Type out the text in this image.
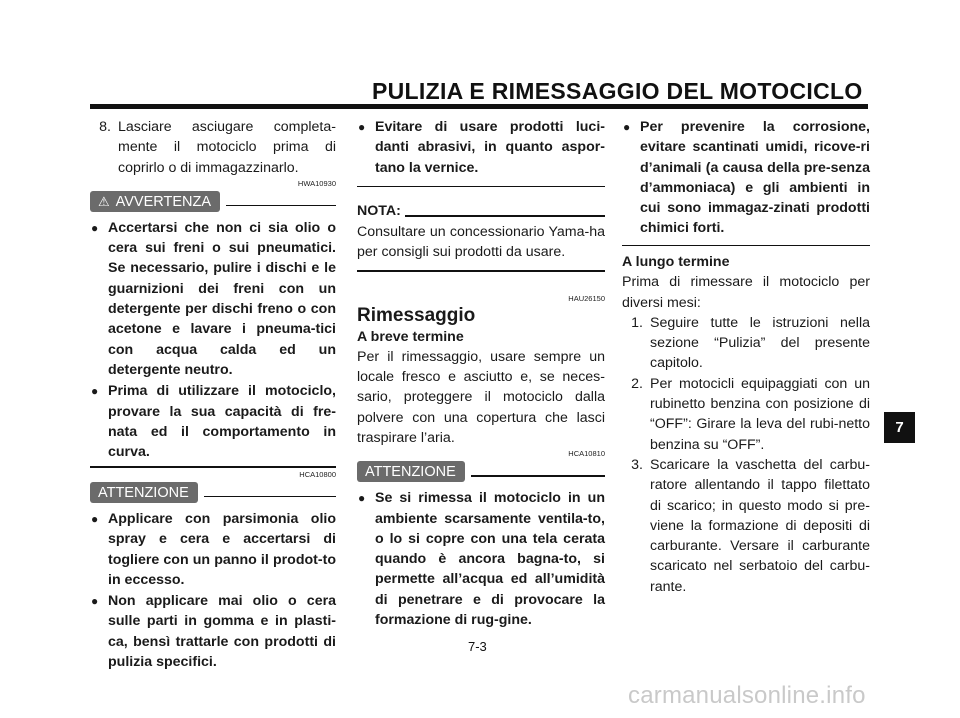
PULIZIA E RIMESSAGGIO DEL MOTOCICLO
8. Lasciare asciugare completa-mente il motociclo prima di coprirlo o di immagazzinarlo.
HWA10930
⚠ AVVERTENZA
● Accertarsi che non ci sia olio o cera sui freni o sui pneumatici. Se necessario, pulire i dischi e le guarnizioni dei freni con un detergente per dischi freno o con acetone e lavare i pneuma-tici con acqua calda ed un detergente neutro.
● Prima di utilizzare il motociclo, provare la sua capacità di fre-nata ed il comportamento in curva.
HCA10800
ATTENZIONE
● Applicare con parsimonia olio spray e cera e accertarsi di togliere con un panno il prodot-to in eccesso.
● Non applicare mai olio o cera sulle parti in gomma e in plasti-ca, bensì trattarle con prodotti di pulizia specifici.
● Evitare di usare prodotti luci-danti abrasivi, in quanto aspor-tano la vernice.
NOTA:
Consultare un concessionario Yama-ha per consigli sui prodotti da usare.
HAU26150
Rimessaggio
A breve termine
Per il rimessaggio, usare sempre un locale fresco e asciutto e, se neces-sario, proteggere il motociclo dalla polvere con una copertura che lasci traspirare l’aria.
HCA10810
ATTENZIONE
● Se si rimessa il motociclo in un ambiente scarsamente ventila-to, o lo si copre con una tela cerata quando è ancora bagna-to, si permette all’acqua ed all’umidità di penetrare e di provocare la formazione di rug-gine.
● Per prevenire la corrosione, evitare scantinati umidi, ricove-ri d’animali (a causa della pre-senza d’ammoniaca) e gli ambienti in cui sono immagaz-zinati prodotti chimici forti.
A lungo termine
Prima di rimessare il motociclo per diversi mesi:
1. Seguire tutte le istruzioni nella sezione “Pulizia” del presente capitolo.
2. Per motocicli equipaggiati con un rubinetto benzina con posizione di “OFF”: Girare la leva del rubi-netto benzina su “OFF”.
3. Scaricare la vaschetta del carbu-ratore allentando il tappo filettato di scarico; in questo modo si pre-viene la formazione di depositi di carburante. Versare il carburante scaricato nel serbatoio del carbu-rante.
7-3
7
carmanualsonline.info
